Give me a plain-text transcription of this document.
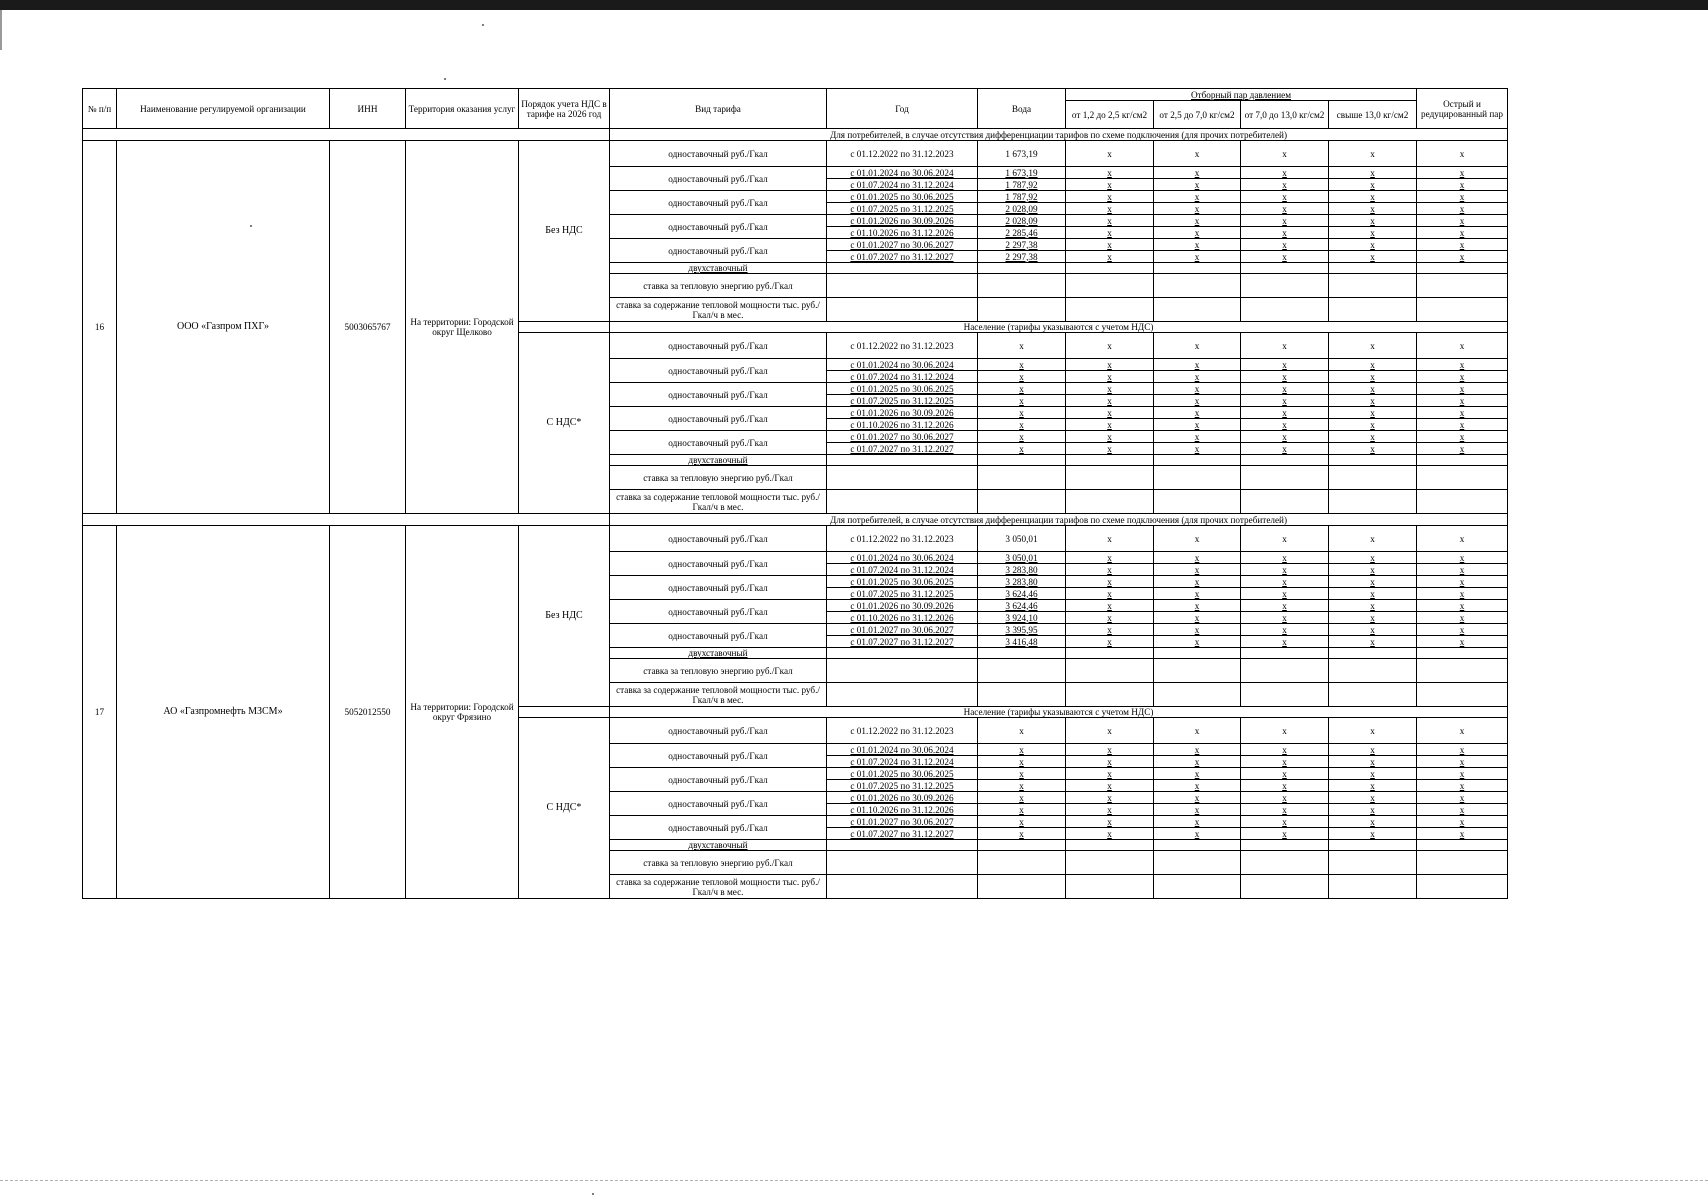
№ п/п	Наименование регулируемой организации	ИНН	Территория оказания услуг	Порядок учета НДС в тарифе на 2026 год	Вид тарифа	Год	Вода	Отборный пар давлением				Острый и редуцированный пар
								от 1,2 до 2,5 кг/см2	от 2,5 до 7,0 кг/см2	от 7,0 до 13,0 кг/см2	свыше 13,0 кг/см2	
					Для потребителей, в случае отсутствия дифференциации тарифов по схеме подключения (для прочих потребителей)							
16	ООО «Газпром ПХГ»	5003065767	На территории: Городской округ Щелково	Без НДС	одноставочный руб./Гкал	с 01.12.2022 по 31.12.2023	1 673,19	x	x	x	x	x
					одноставочный руб./Гкал	с 01.01.2024 по 30.06.2024	1 673,19	x	x	x	x	x
						с 01.07.2024 по 31.12.2024	1 787,92	x	x	x	x	x
					одноставочный руб./Гкал	с 01.01.2025 по 30.06.2025	1 787,92	x	x	x	x	x
						с 01.07.2025 по 31.12.2025	2 028,09	x	x	x	x	x
					одноставочный руб./Гкал	с 01.01.2026 по 30.09.2026	2 028,09	x	x	x	x	x
						с 01.10.2026 по 31.12.2026	2 285,46	x	x	x	x	x
					одноставочный руб./Гкал	с 01.01.2027 по 30.06.2027	2 297,38	x	x	x	x	x
						с 01.07.2027 по 31.12.2027	2 297,38	x	x	x	x	x
					двухставочный							
					ставка за тепловую энергию руб./Гкал							
					ставка за содержание тепловой мощности тыс. руб./Гкал/ч в мес.							
					Население (тарифы указываются с учетом НДС)							
				С НДС*	одноставочный руб./Гкал	с 01.12.2022 по 31.12.2023	x	x	x	x	x	x
					одноставочный руб./Гкал	с 01.01.2024 по 30.06.2024	x	x	x	x	x	x
						с 01.07.2024 по 31.12.2024	x	x	x	x	x	x
					одноставочный руб./Гкал	с 01.01.2025 по 30.06.2025	x	x	x	x	x	x
						с 01.07.2025 по 31.12.2025	x	x	x	x	x	x
					одноставочный руб./Гкал	с 01.01.2026 по 30.09.2026	x	x	x	x	x	x
						с 01.10.2026 по 31.12.2026	x	x	x	x	x	x
					одноставочный руб./Гкал	с 01.01.2027 по 30.06.2027	x	x	x	x	x	x
						с 01.07.2027 по 31.12.2027	x	x	x	x	x	x
					двухставочный							
					ставка за тепловую энергию руб./Гкал							
					ставка за содержание тепловой мощности тыс. руб./Гкал/ч в мес.							
					Для потребителей, в случае отсутствия дифференциации тарифов по схеме подключения (для прочих потребителей)							
17	АО «Газпромнефть МЗСМ»	5052012550	На территории: Городской округ Фрязино	Без НДС	одноставочный руб./Гкал	с 01.12.2022 по 31.12.2023	3 050,01	x	x	x	x	x
					одноставочный руб./Гкал	с 01.01.2024 по 30.06.2024	3 050,01	x	x	x	x	x
						с 01.07.2024 по 31.12.2024	3 283,80	x	x	x	x	x
					одноставочный руб./Гкал	с 01.01.2025 по 30.06.2025	3 283,80	x	x	x	x	x
						с 01.07.2025 по 31.12.2025	3 624,46	x	x	x	x	x
					одноставочный руб./Гкал	с 01.01.2026 по 30.09.2026	3 624,46	x	x	x	x	x
						с 01.10.2026 по 31.12.2026	3 924,10	x	x	x	x	x
					одноставочный руб./Гкал	с 01.01.2027 по 30.06.2027	3 395,95	x	x	x	x	x
						с 01.07.2027 по 31.12.2027	3 416,48	x	x	x	x	x
					двухставочный							
					ставка за тепловую энергию руб./Гкал							
					ставка за содержание тепловой мощности тыс. руб./Гкал/ч в мес.							
					Население (тарифы указываются с учетом НДС)							
				С НДС*	одноставочный руб./Гкал	с 01.12.2022 по 31.12.2023	x	x	x	x	x	x
					одноставочный руб./Гкал	с 01.01.2024 по 30.06.2024	x	x	x	x	x	x
						с 01.07.2024 по 31.12.2024	x	x	x	x	x	x
					одноставочный руб./Гкал	с 01.01.2025 по 30.06.2025	x	x	x	x	x	x
						с 01.07.2025 по 31.12.2025	x	x	x	x	x	x
					одноставочный руб./Гкал	с 01.01.2026 по 30.09.2026	x	x	x	x	x	x
						с 01.10.2026 по 31.12.2026	x	x	x	x	x	x
					одноставочный руб./Гкал	с 01.01.2027 по 30.06.2027	x	x	x	x	x	x
						с 01.07.2027 по 31.12.2027	x	x	x	x	x	x
					двухставочный							
					ставка за тепловую энергию руб./Гкал							
					ставка за содержание тепловой мощности тыс. руб./Гкал/ч в мес.							
